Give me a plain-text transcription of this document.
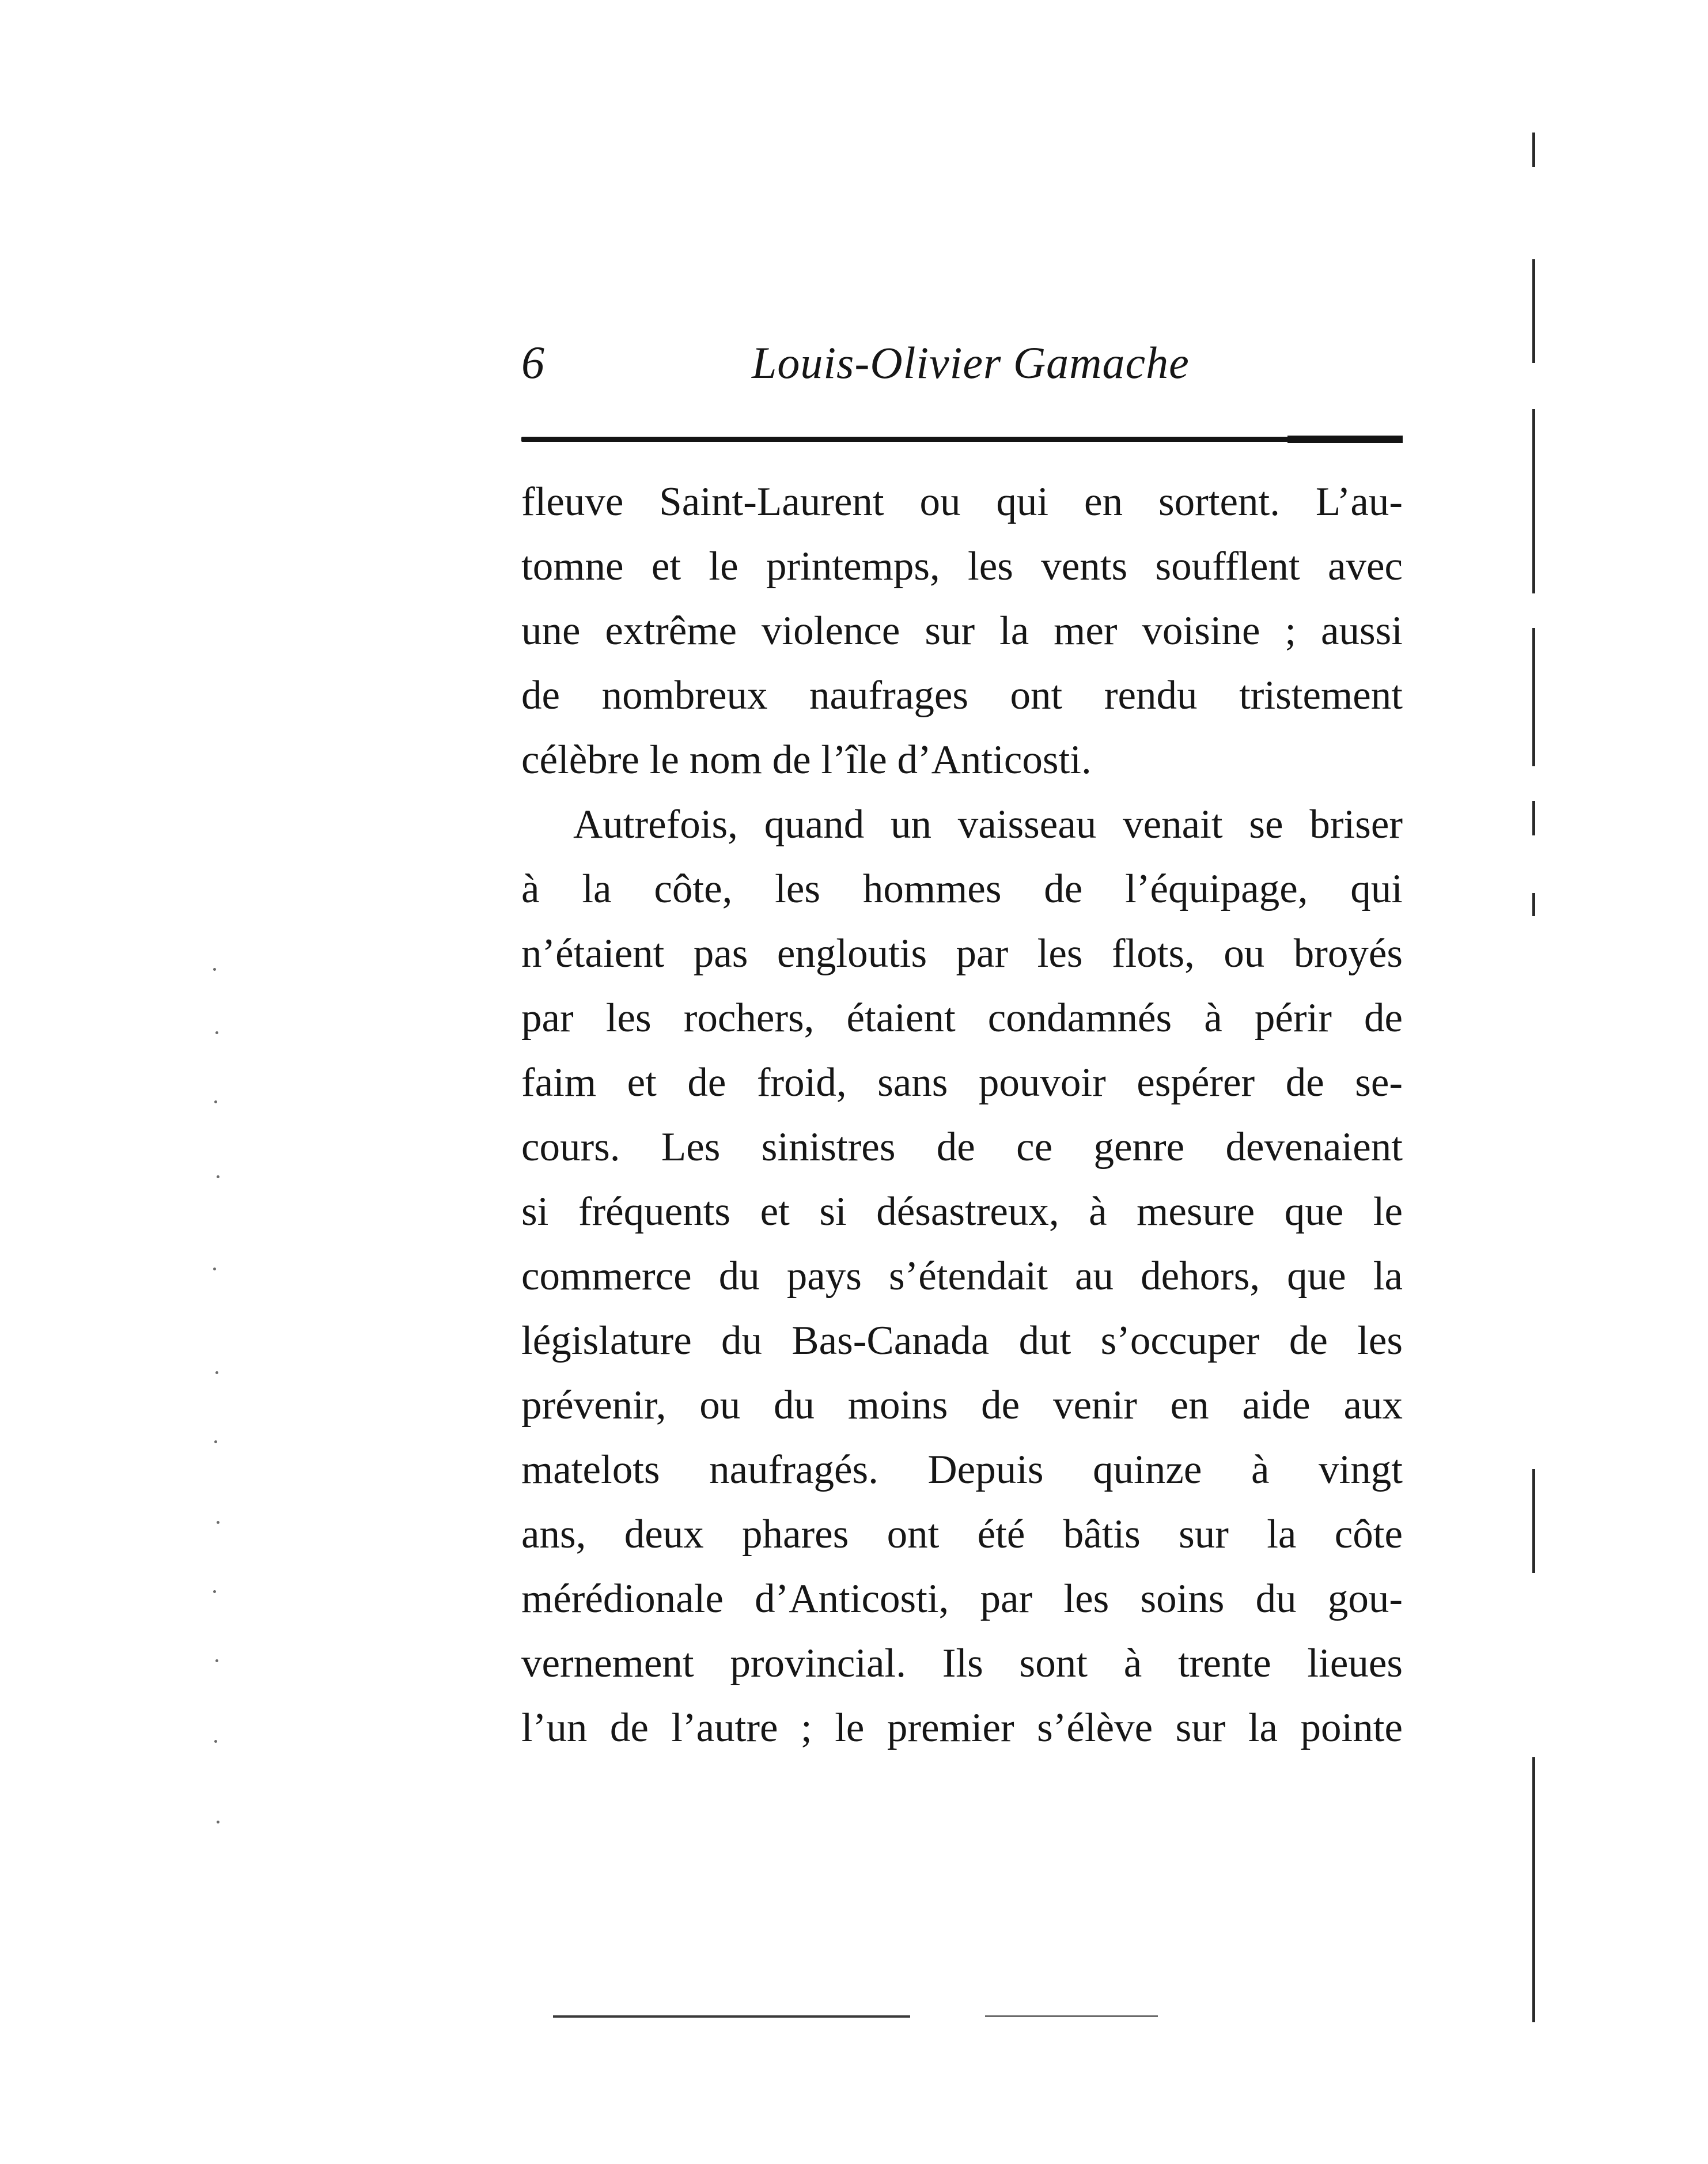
6	Louis-Olivier Gamache
fleuve Saint-Laurent ou qui en sortent. L’au-
tomne et le printemps, les vents soufflent avec
une extrême violence sur la mer voisine ; aussi
de nombreux naufrages ont rendu tristement
célèbre le nom de l’île d’Anticosti.
Autrefois, quand un vaisseau venait se briser
à la côte, les hommes de l’équipage, qui
n’étaient pas engloutis par les flots, ou broyés
par les rochers, étaient condamnés à périr de
faim et de froid, sans pouvoir espérer de se-
cours. Les sinistres de ce genre devenaient
si fréquents et si désastreux, à mesure que le
commerce du pays s’étendait au dehors, que la
législature du Bas-Canada dut s’occuper de les
prévenir, ou du moins de venir en aide aux
matelots naufragés. Depuis quinze à vingt
ans, deux phares ont été bâtis sur la côte
mérédionale d’Anticosti, par les soins du gou-
vernement provincial. Ils sont à trente lieues
l’un de l’autre ; le premier s’élève sur la pointe
